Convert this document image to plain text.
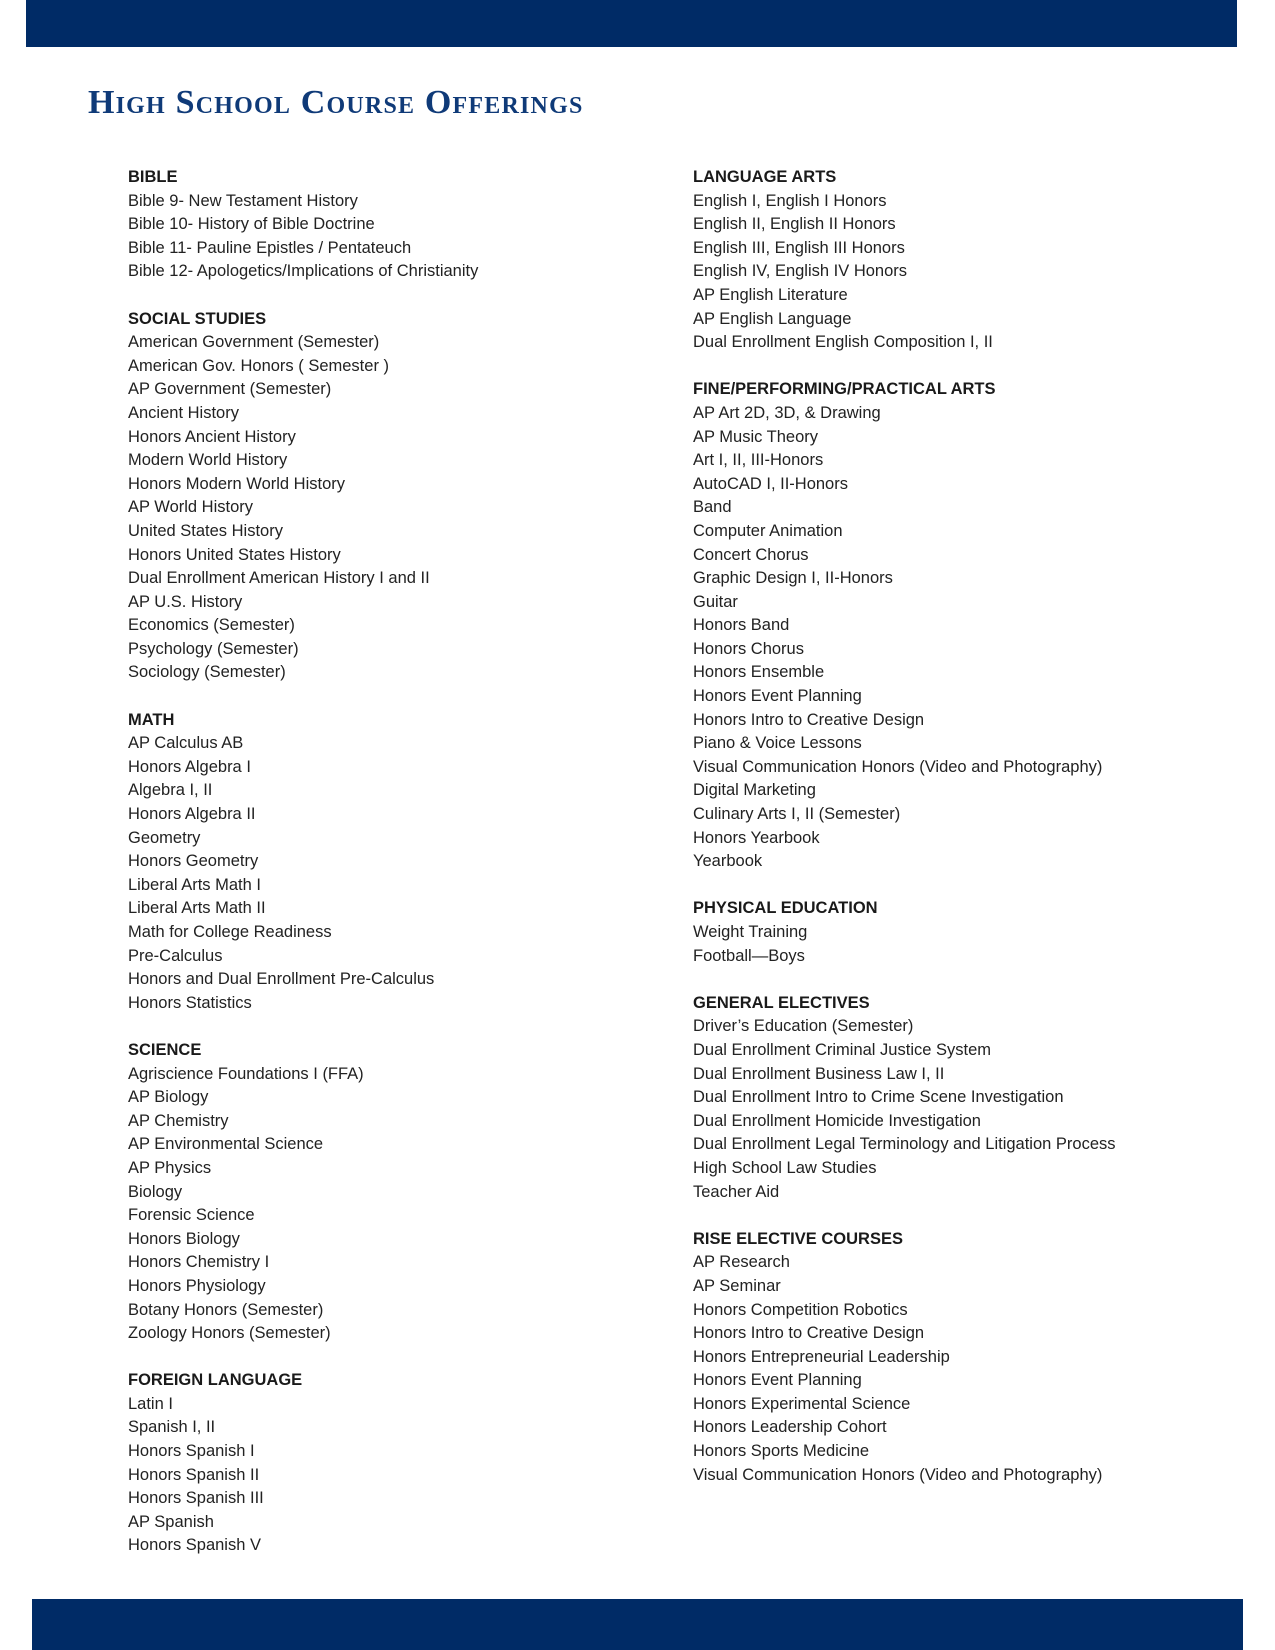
High School Course Offerings
BIBLE
Bible 9- New Testament History
Bible 10- History of Bible Doctrine
Bible 11- Pauline Epistles / Pentateuch
Bible 12- Apologetics/Implications of Christianity
SOCIAL STUDIES
American Government (Semester)
American Gov. Honors ( Semester )
AP Government (Semester)
Ancient History
Honors Ancient History
Modern World History
Honors Modern World History
AP World History
United States History
Honors United States History
Dual Enrollment American History I and II
AP U.S. History
Economics (Semester)
Psychology (Semester)
Sociology (Semester)
MATH
AP Calculus AB
Honors Algebra I
Algebra I, II
Honors Algebra II
Geometry
Honors Geometry
Liberal Arts Math I
Liberal Arts Math II
Math for College Readiness
Pre-Calculus
Honors and Dual Enrollment Pre-Calculus
Honors Statistics
SCIENCE
Agriscience Foundations I (FFA)
AP Biology
AP Chemistry
AP Environmental Science
AP Physics
Biology
Forensic Science
Honors Biology
Honors Chemistry I
Honors Physiology
Botany Honors (Semester)
Zoology Honors (Semester)
FOREIGN LANGUAGE
Latin I
Spanish I, II
Honors Spanish I
Honors Spanish II
Honors Spanish III
AP Spanish
Honors Spanish V
LANGUAGE ARTS
English I, English I Honors
English II, English II Honors
English III, English III Honors
English IV, English IV Honors
AP English Literature
AP English Language
Dual Enrollment English Composition I, II
FINE/PERFORMING/PRACTICAL ARTS
AP Art 2D, 3D, & Drawing
AP Music Theory
Art I, II, III-Honors
AutoCAD I, II-Honors
Band
Computer Animation
Concert Chorus
Graphic Design I, II-Honors
Guitar
Honors Band
Honors Chorus
Honors Ensemble
Honors Event Planning
Honors Intro to Creative Design
Piano & Voice Lessons
Visual Communication Honors (Video and Photography)
Digital Marketing
Culinary Arts I, II (Semester)
Honors Yearbook
Yearbook
PHYSICAL EDUCATION
Weight Training
Football—Boys
GENERAL ELECTIVES
Driver’s Education (Semester)
Dual Enrollment Criminal Justice System
Dual Enrollment Business Law I, II
Dual Enrollment Intro to Crime Scene Investigation
Dual Enrollment Homicide Investigation
Dual Enrollment Legal Terminology and Litigation Process
High School Law Studies
Teacher Aid
RISE ELECTIVE COURSES
AP Research
AP Seminar
Honors Competition Robotics
Honors Intro to Creative Design
Honors Entrepreneurial Leadership
Honors Event Planning
Honors Experimental Science
Honors Leadership Cohort
Honors Sports Medicine
Visual Communication Honors (Video and Photography)
